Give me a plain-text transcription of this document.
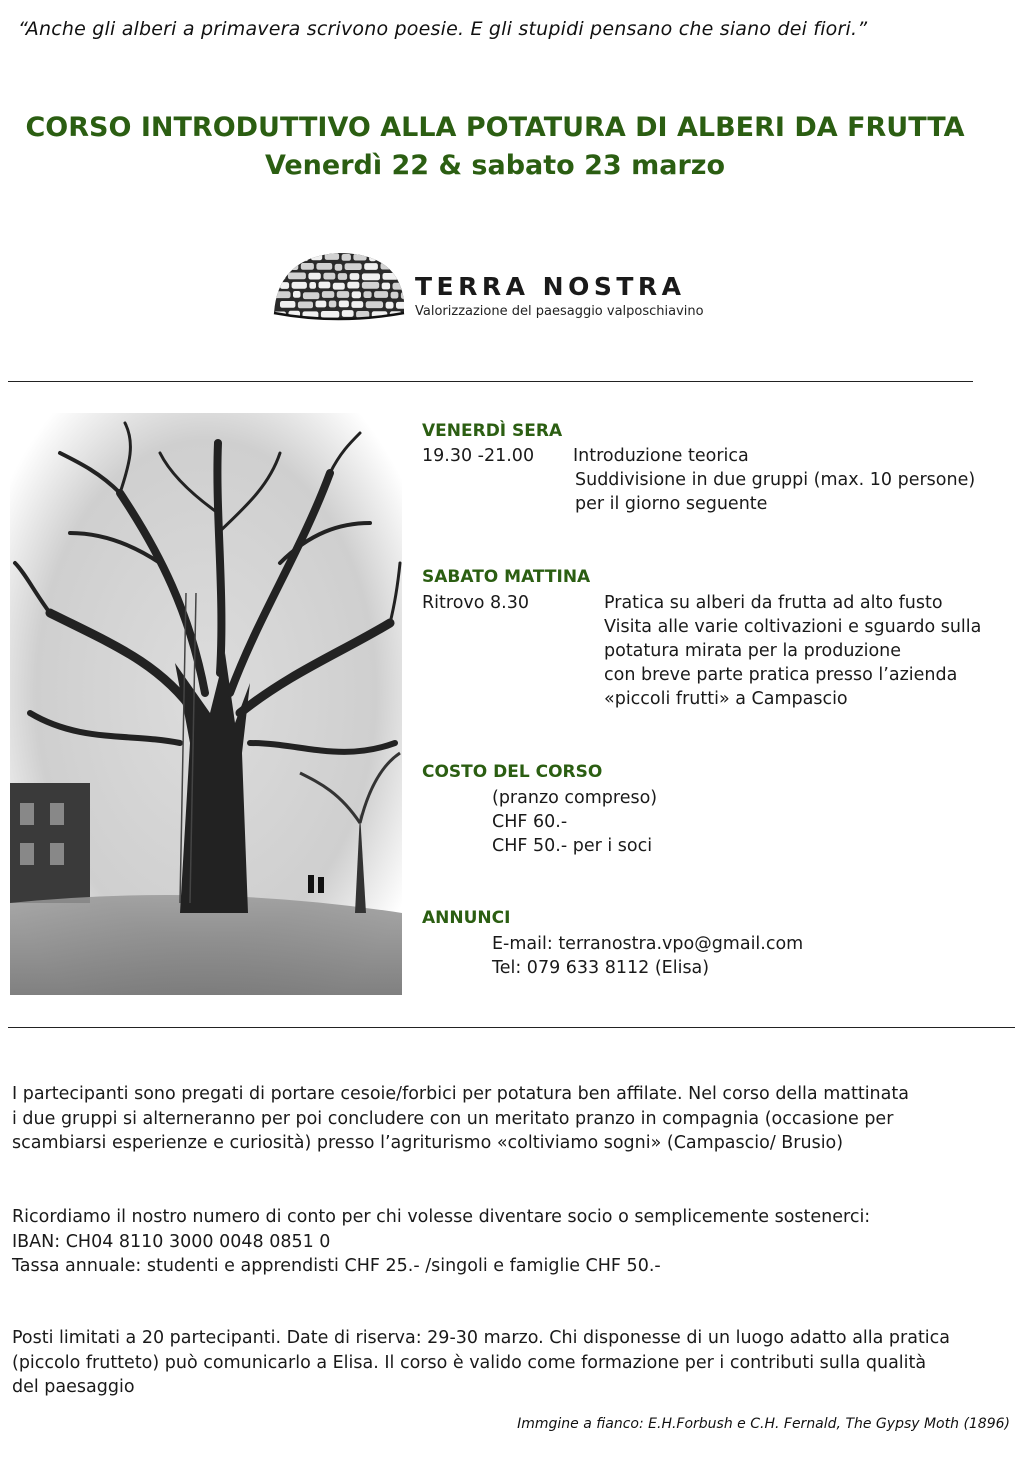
“Anche gli alberi a primavera scrivono poesie. E gli stupidi pensano che siano dei fiori.”
CORSO INTRODUTTIVO ALLA POTATURA DI ALBERI DA FRUTTA
Venerdì 22 & sabato 23 marzo
TERRA NOSTRA
Valorizzazione del paesaggio valposchiavino
VENERDÌ SERA
19.30 -21.00 Introduzione teorica
Suddivisione in due gruppi (max. 10 persone)
per il giorno seguente
SABATO MATTINA
Ritrovo 8.30	Pratica su alberi da frutta ad alto fusto
Visita alle varie coltivazioni e sguardo sulla
potatura mirata per la produzione
con breve parte pratica presso l’azienda
«piccoli frutti» a Campascio
COSTO DEL CORSO
(pranzo compreso)
CHF 60.-
CHF 50.- per i soci
ANNUNCI
E-mail: terranostra.vpo@gmail.com
Tel: 079 633 8112 (Elisa)
I partecipanti sono pregati di portare cesoie/forbici per potatura ben affilate. Nel corso della mattinata
i due gruppi si alterneranno per poi concludere con un meritato pranzo in compagnia (occasione per
scambiarsi esperienze e curiosità) presso l’agriturismo «coltiviamo sogni» (Campascio/ Brusio)
Ricordiamo il nostro numero di conto per chi volesse diventare socio o semplicemente sostenerci:
IBAN: CH04 8110 3000 0048 0851 0
Tassa annuale: studenti e apprendisti CHF 25.- /singoli e famiglie CHF 50.-
Posti limitati a 20 partecipanti. Date di riserva: 29-30 marzo. Chi disponesse di un luogo adatto alla pratica
(piccolo frutteto) può comunicarlo a Elisa. Il corso è valido come formazione per i contributi sulla qualità
del paesaggio
Immgine a fianco: E.H.Forbush e C.H. Fernald, The Gypsy Moth (1896)
